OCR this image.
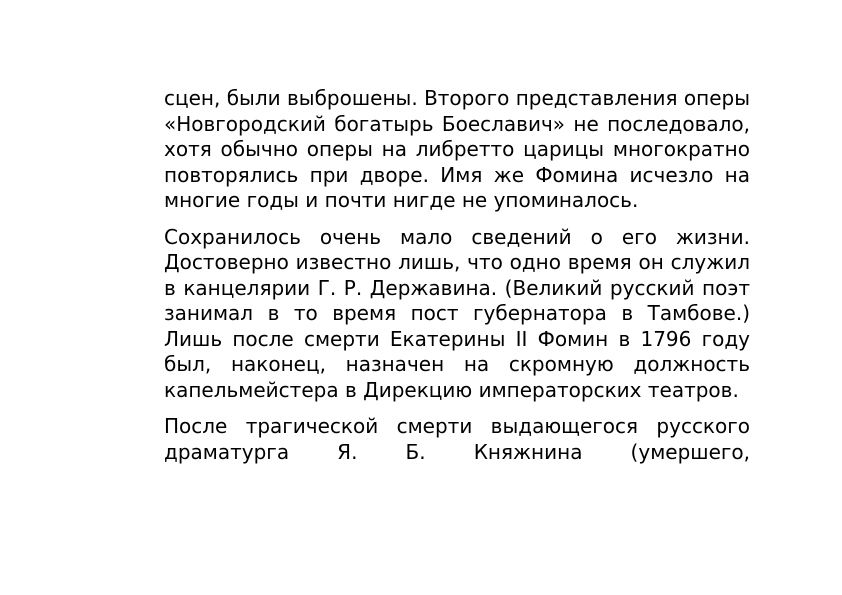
сцен, были выброшены. Второго представления оперы «Новгородский богатырь Боеславич» не последовало, хотя обычно оперы на либретто царицы многократно повторялись при дворе. Имя же Фомина исчезло на многие годы и почти нигде не упоминалось.

Сохранилось очень мало сведений о его жизни. Достоверно известно лишь, что одно время он служил в канцелярии Г. Р. Державина. (Великий русский поэт занимал в то время пост губернатора в Тамбове.) Лишь после смерти Екатерины II Фомин в 1796 году был, наконец, назначен на скромную должность капельмейстера в Дирекцию императорских театров.

После трагической смерти выдающегося русского драматурга Я. Б. Княжнина (умершего,
